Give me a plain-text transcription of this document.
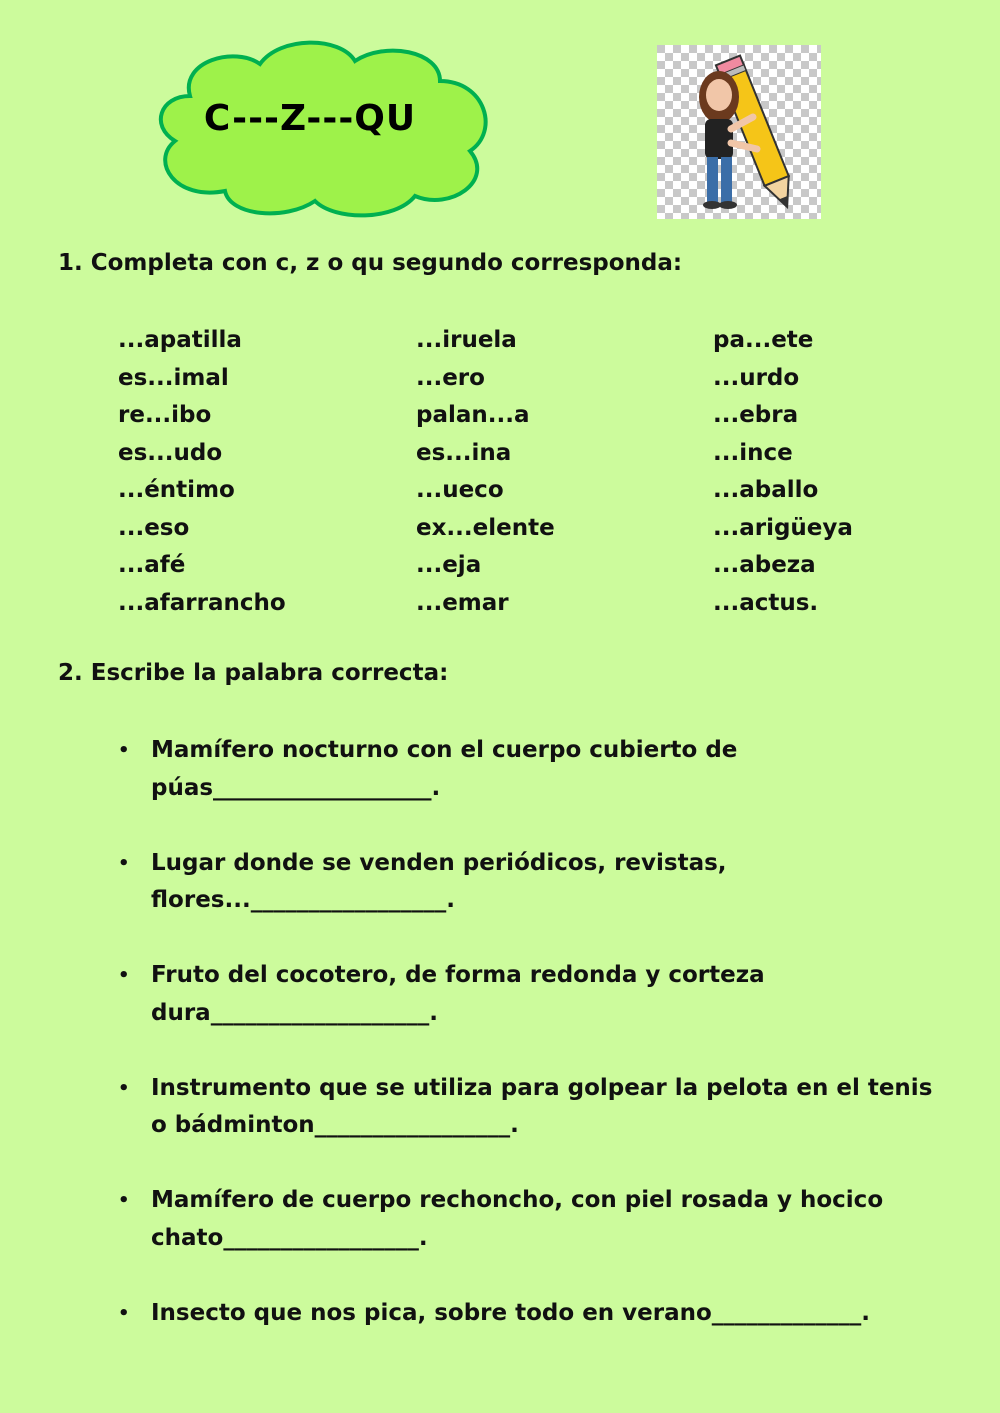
C---Z---QU
1. Completa con c, z o qu segundo corresponda:
...apatilla
es...imal
re...ibo
es...udo
...éntimo
...eso
...afé
...afarrancho
...iruela
...ero
palan...a
es...ina
...ueco
ex...elente
...eja
...emar
pa...ete
...urdo
...ebra
...ince
...aballo
...arigüeya
...abeza
...actus.
2. Escribe la palabra correcta:
• Mamífero nocturno con el cuerpo cubierto de
púas___________________.
• Lugar donde se venden periódicos, revistas,
flores..._________________.
• Fruto del cocotero, de forma redonda y corteza
dura___________________.
• Instrumento que se utiliza para golpear la pelota en el tenis
o bádminton_________________.
• Mamífero de cuerpo rechoncho, con piel rosada y hocico
chato_________________.
• Insecto que nos pica, sobre todo en verano_____________.
